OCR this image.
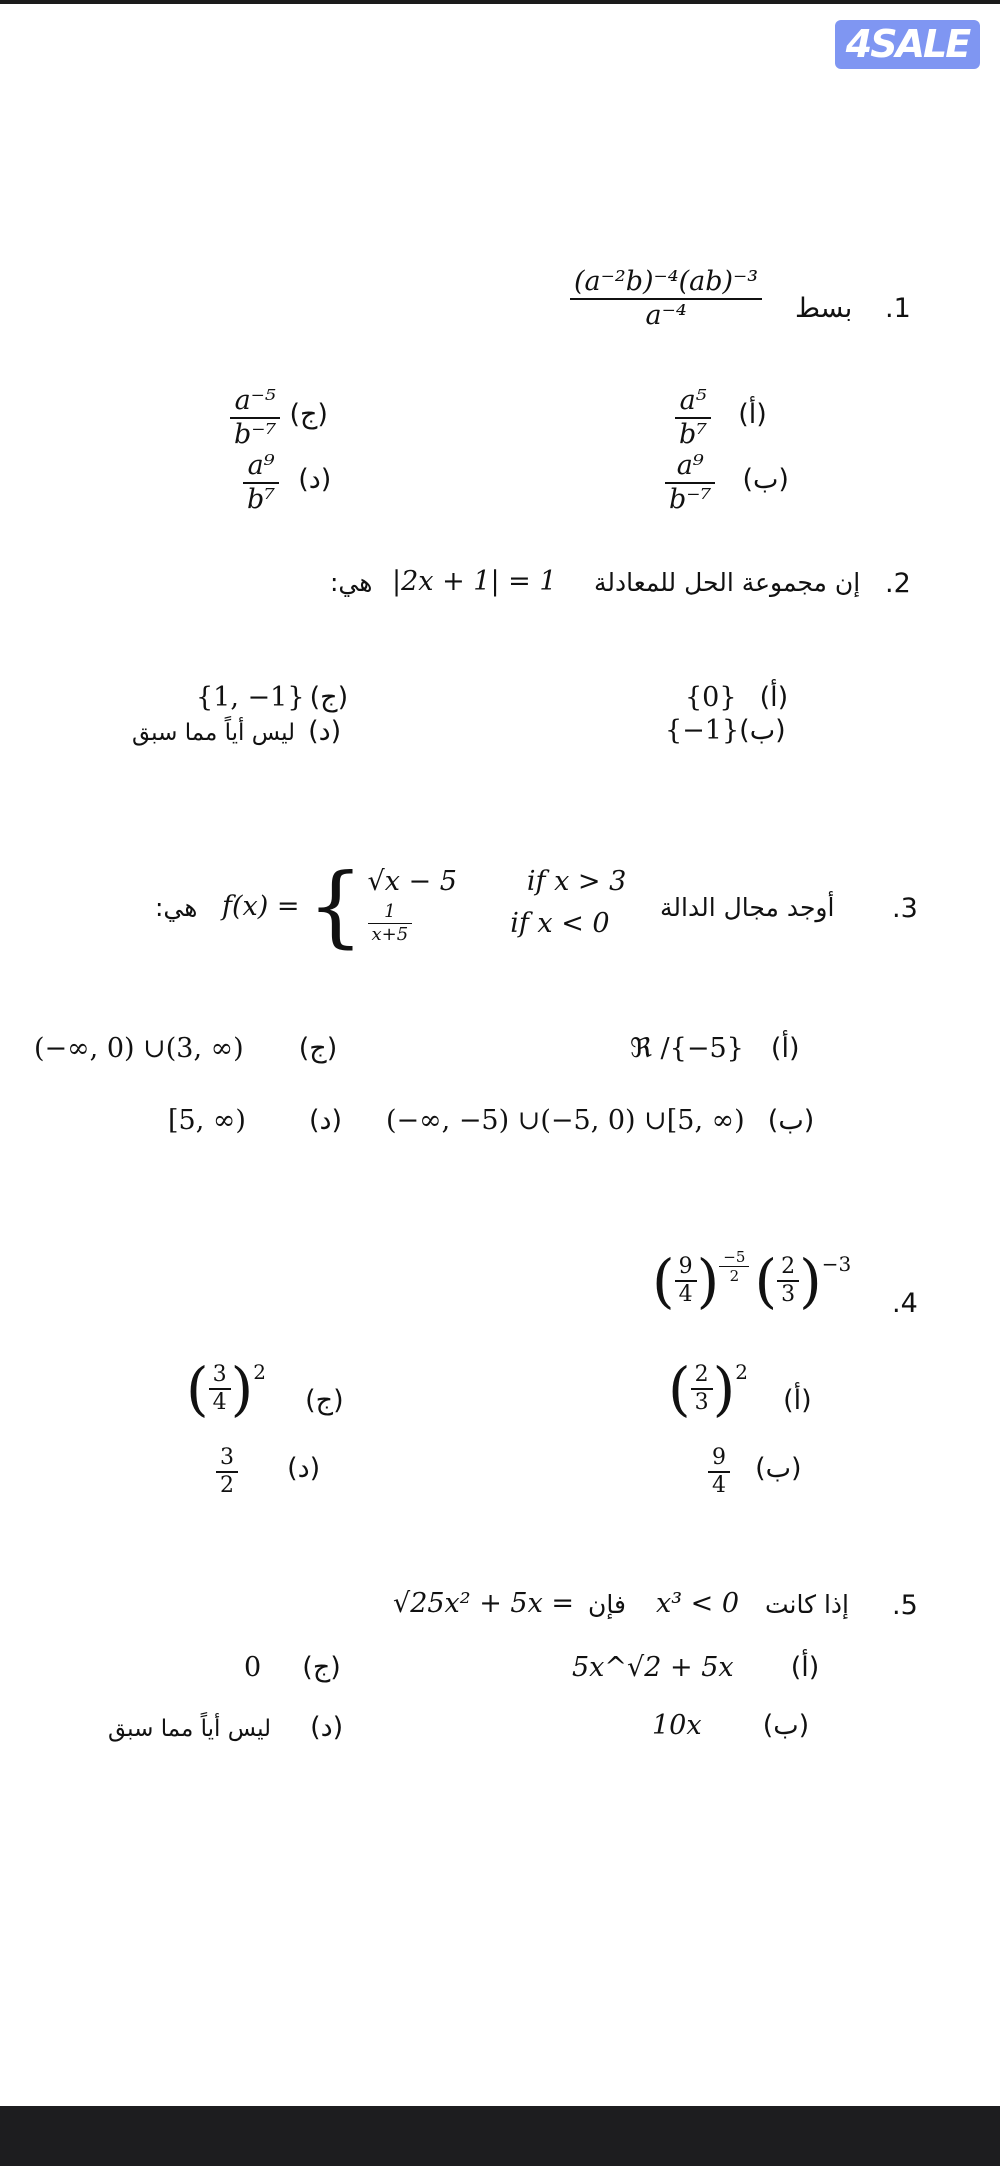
4SALE
.1
بسط
$\frac{\text{(a⁻²b)⁻⁴(ab)⁻³}}{\text{a⁻⁴}}$
$\frac{\text{a⁵}}{\text{b⁷}}$ (أ)
$\frac{\text{a⁹}}{\text{b⁻⁷}}$ (ب)
$\frac{\text{a⁻⁵}}{\text{b⁻⁷}}$ (ج)
$\frac{\text{a⁹}}{\text{b⁷}}$ (د)
.2
إن مجموعة الحل للمعادلة
|2x + 1| = 1
هي:
{0} (أ)
{−1}(ب)
{1, −1} (ج)
ليس أياً مما سبق (د)
.3
أوجد مجال الدالة
f(x) = { √x − 5	if x > 3
$\frac{1}{x+5}$	if x < 0
هي:
ℜ /{−5} (أ)
(−∞, −5) ∪(−5, 0) ∪[5, ∞) (ب)
(−∞, 0) ∪(3, ∞) (ج)
[5, ∞) (د)
.4
( $\frac{9}{4}$ ) $\frac{-5}{2}$
( $\frac{2}{3}$ ) −3
( $\frac{2}{3}$ ) 2 (أ)
$\frac{9}{4}$ (ب)
( $\frac{3}{4}$ ) 2 (ج)
$\frac{3}{2}$ (د)
.5
إذا كانت
x³ < 0
فإن
√25x² + 5x =
5x^√2 + 5x (أ)
10x (ب)
0 (ج)
ليس أياً مما سبق (د)
